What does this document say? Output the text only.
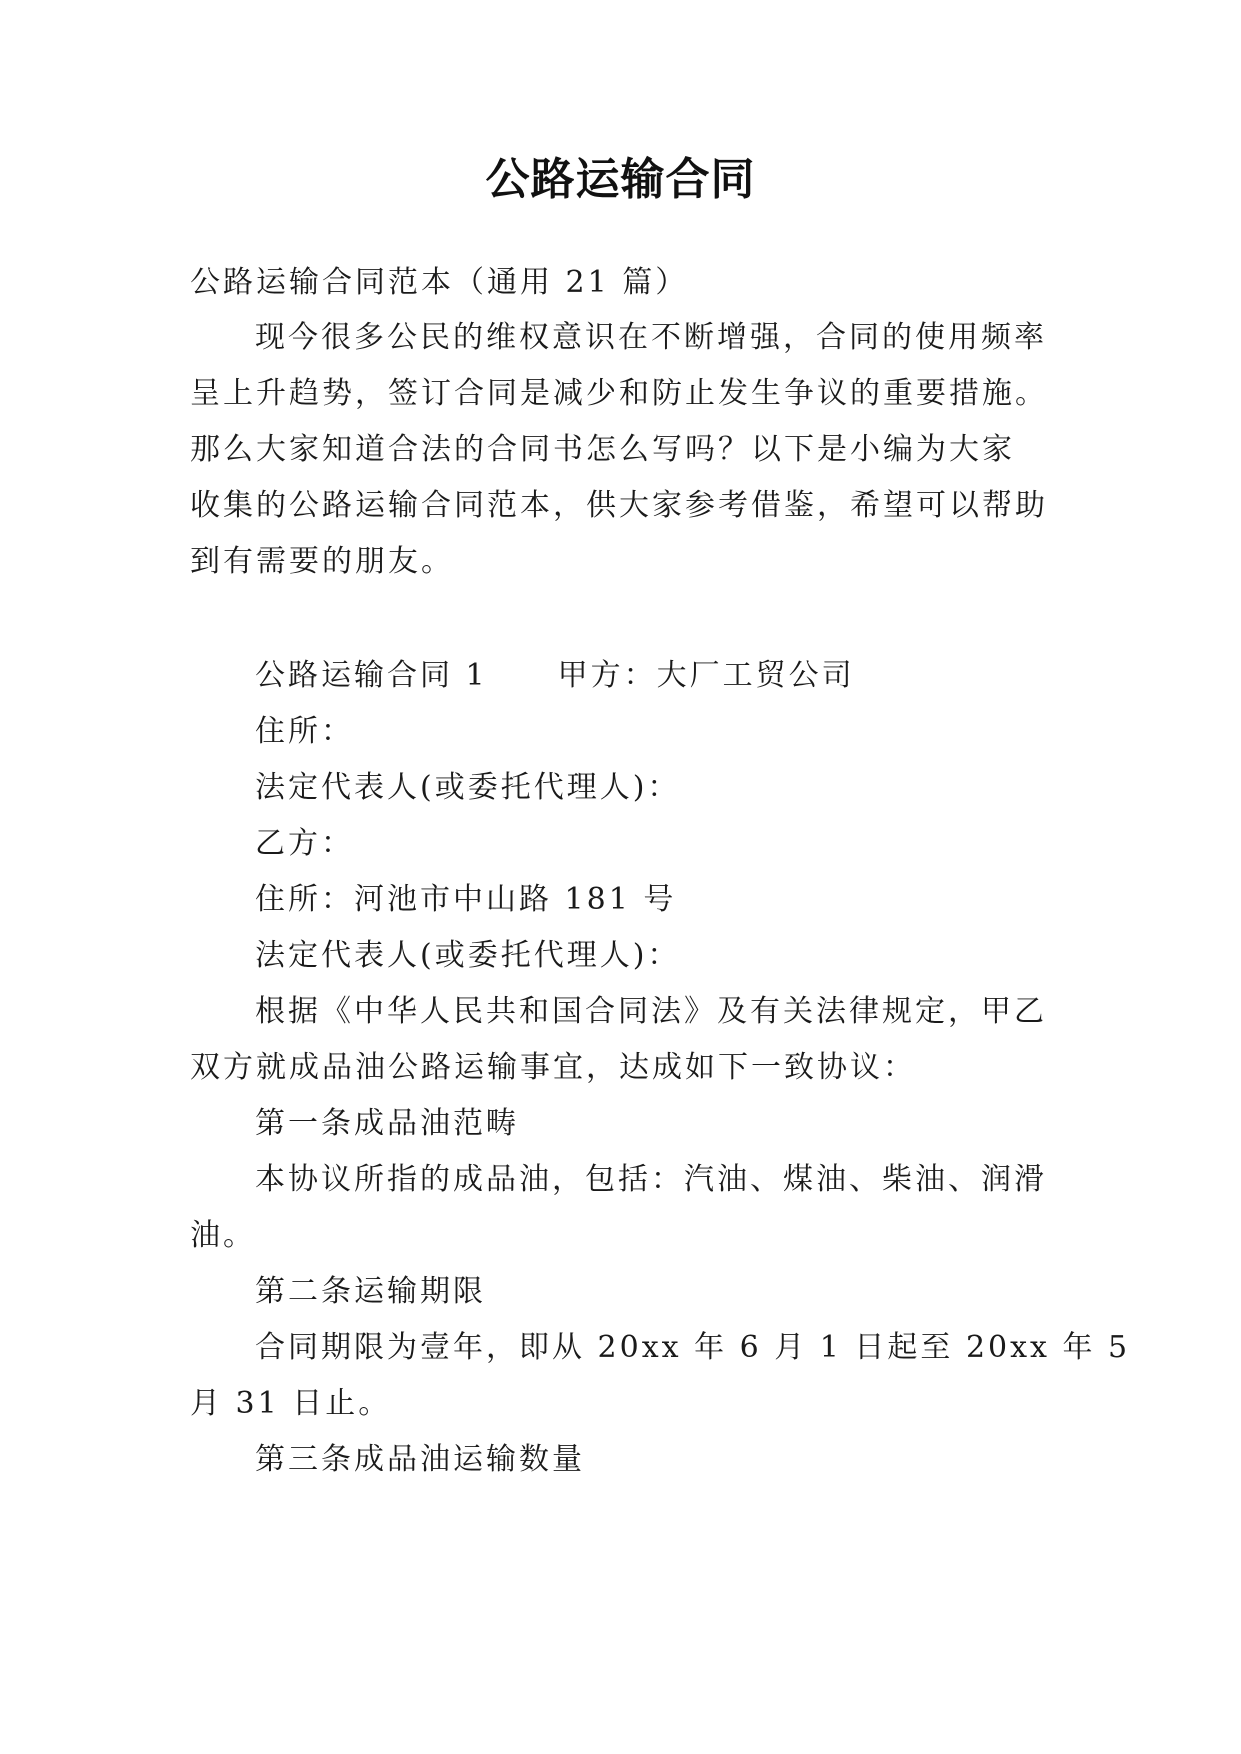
公路运输合同
公路运输合同范本（通用 21 篇）
现今很多公民的维权意识在不断增强，合同的使用频率
呈上升趋势，签订合同是减少和防止发生争议的重要措施。
那么大家知道合法的合同书怎么写吗？以下是小编为大家
收集的公路运输合同范本，供大家参考借鉴，希望可以帮助
到有需要的朋友。
公路运输合同 1 甲方：大厂工贸公司
住所：
法定代表人(或委托代理人)：
乙方：
住所：河池市中山路 181 号
法定代表人(或委托代理人)：
根据《中华人民共和国合同法》及有关法律规定，甲乙
双方就成品油公路运输事宜，达成如下一致协议：
第一条成品油范畴
本协议所指的成品油，包括：汽油、煤油、柴油、润滑
油。
第二条运输期限
合同期限为壹年，即从 20xx 年 6 月 1 日起至 20xx 年 5
月 31 日止。
第三条成品油运输数量
